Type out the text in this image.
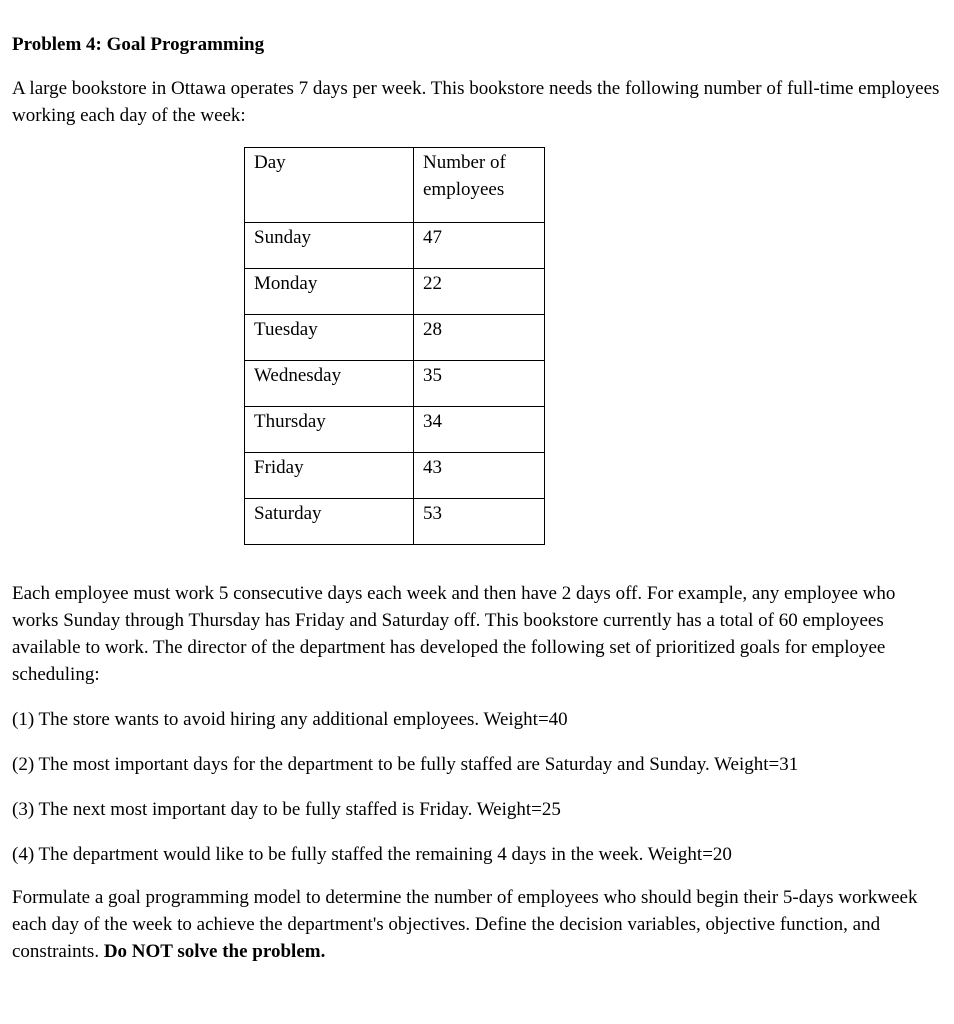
Problem 4: Goal Programming

A large bookstore in Ottawa operates 7 days per week. This bookstore needs the following number of full-time employees working each day of the week:

Day	Number of employees
Sunday	47
Monday	22
Tuesday	28
Wednesday	35
Thursday	34
Friday	43
Saturday	53

Each employee must work 5 consecutive days each week and then have 2 days off. For example, any employee who works Sunday through Thursday has Friday and Saturday off. This bookstore currently has a total of 60 employees available to work. The director of the department has developed the following set of prioritized goals for employee scheduling:

(1) The store wants to avoid hiring any additional employees. Weight=40

(2) The most important days for the department to be fully staffed are Saturday and Sunday. Weight=31

(3) The next most important day to be fully staffed is Friday. Weight=25

(4) The department would like to be fully staffed the remaining 4 days in the week. Weight=20

Formulate a goal programming model to determine the number of employees who should begin their 5-days workweek each day of the week to achieve the department's objectives. Define the decision variables, objective function, and constraints. Do NOT solve the problem.
